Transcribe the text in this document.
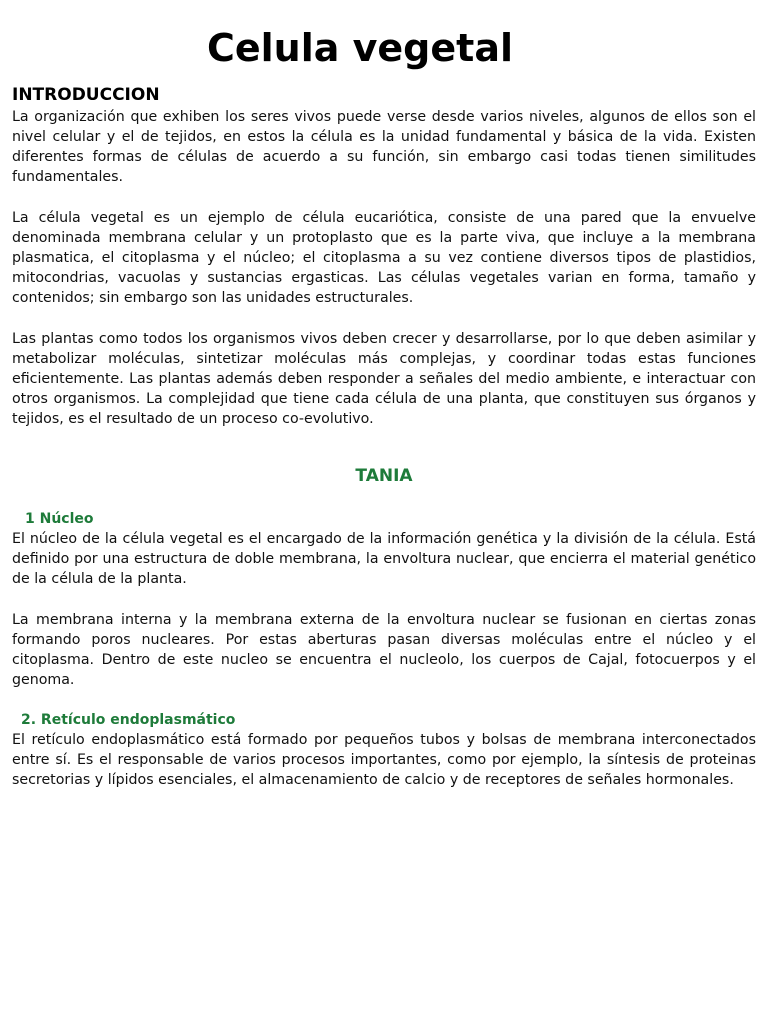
Celula vegetal
INTRODUCCION

La organización que exhiben los seres vivos puede verse desde varios niveles, algunos de ellos son el nivel celular y el de tejidos, en estos la célula es la unidad fundamental y básica de la vida. Existen diferentes formas de células de acuerdo a su función, sin embargo casi todas tienen similitudes fundamentales.

La célula vegetal es un ejemplo de célula eucariótica, consiste de una pared que la envuelve denominada membrana celular y un protoplasto que es la parte viva, que incluye a la membrana plasmatica, el citoplasma y el núcleo; el citoplasma a su vez contiene diversos tipos de plastidios, mitocondrias, vacuolas y sustancias ergasticas. Las células vegetales varian en forma, tamaño y contenidos; sin embargo son las unidades estructurales.

Las plantas como todos los organismos vivos deben crecer y desarrollarse, por lo que deben asimilar y metabolizar moléculas, sintetizar moléculas más complejas, y coordinar todas estas funciones eficientemente. Las plantas además deben responder a señales del medio ambiente, e interactuar con otros organismos. La complejidad que tiene cada célula de una planta, que constituyen sus órganos y tejidos, es el resultado de un proceso co-evolutivo.

TANIA
1 Núcleo

El núcleo de la célula vegetal es el encargado de la información genética y la división de la célula. Está definido por una estructura de doble membrana, la envoltura nuclear, que encierra el material genético de la célula de la planta.

La membrana interna y la membrana externa de la envoltura nuclear se fusionan en ciertas zonas formando poros nucleares. Por estas aberturas pasan diversas moléculas entre el núcleo y el citoplasma. Dentro de este nucleo se encuentra el nucleolo, los cuerpos de Cajal, fotocuerpos y el genoma.

2. Retículo endoplasmático

El retículo endoplasmático está formado por pequeños tubos y bolsas de membrana interconectados entre sí. Es el responsable de varios procesos importantes, como por ejemplo, la síntesis de proteinas secretorias y lípidos esenciales, el almacenamiento de calcio y de receptores de señales hormonales.
